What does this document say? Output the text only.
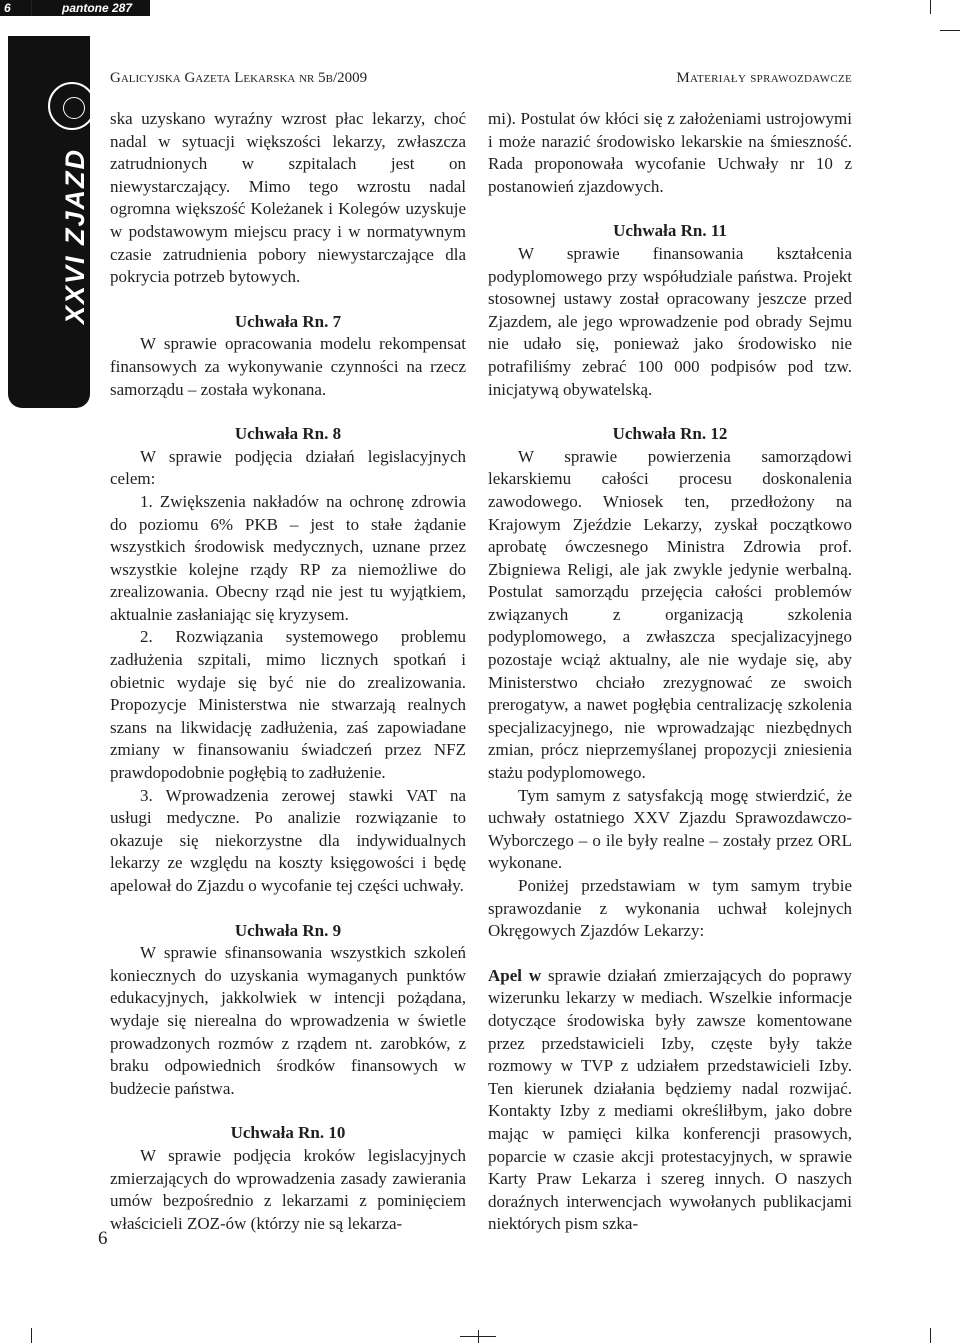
6	pantone 287
XXVI ZJAZD
Galicyjska Gazeta Lekarska nr 5b/2009	Materiały sprawozdawcze

ska uzyskano wyraźny wzrost płac lekarzy, choć nadal w sytuacji większości lekarzy, zwłaszcza zatrudnionych w szpitalach jest on niewystarczający. Mimo tego wzrostu nadal ogromna większość Koleżanek i Kolegów uzyskuje w podstawowym miejscu pracy i w normatywnym czasie zatrudnienia pobory niewystarczające dla pokrycia potrzeb bytowych.

Uchwała Rn. 7

W sprawie opracowania modelu rekompensat finansowych za wykonywanie czynności na rzecz samorządu – została wykonana.

Uchwała Rn. 8

W sprawie podjęcia działań legislacyjnych celem:

1. Zwiększenia nakładów na ochronę zdrowia do poziomu 6% PKB – jest to stałe żądanie wszystkich środowisk medycznych, uznane przez wszystkie kolejne rządy RP za niemożliwe do zrealizowania. Obecny rząd nie jest tu wyjątkiem, aktualnie zasłaniając się kryzysem.

2. Rozwiązania systemowego problemu zadłużenia szpitali, mimo licznych spotkań i obietnic wydaje się być nie do zrealizowania. Propozycje Ministerstwa nie stwarzają realnych szans na likwidację zadłużenia, zaś zapowiadane zmiany w finansowaniu świadczeń przez NFZ prawdopodobnie pogłębią to zadłużenie.

3. Wprowadzenia zerowej stawki VAT na usługi medyczne. Po analizie rozwiązanie to okazuje się niekorzystne dla indywidualnych lekarzy ze względu na koszty księgowości i będę apelował do Zjazdu o wycofanie tej części uchwały.

Uchwała Rn. 9

W sprawie sfinansowania wszystkich szkoleń koniecznych do uzyskania wymaganych punktów edukacyjnych, jakkolwiek w intencji pożądana, wydaje się nierealna do wprowadzenia w świetle prowadzonych rozmów z rządem nt. zarobków, z braku odpowiednich środków finansowych w budżecie państwa.

Uchwała Rn. 10

W sprawie podjęcia kroków legislacyjnych zmierzających do wprowadzenia zasady zawierania umów bezpośrednio z lekarzami z pominięciem właścicieli ZOZ-ów (którzy nie są lekarza-

mi). Postulat ów kłóci się z założeniami ustrojowymi i może narazić środowisko lekarskie na śmieszność. Rada proponowała wycofanie Uchwały nr 10 z postanowień zjazdowych.

Uchwała Rn. 11

W sprawie finansowania kształcenia podyplomowego przy współudziale państwa. Projekt stosownej ustawy został opracowany jeszcze przed Zjazdem, ale jego wprowadzenie pod obrady Sejmu nie udało się, ponieważ jako środowisko nie potrafiliśmy zebrać 100 000 podpisów pod tzw. inicjatywą obywatelską.

Uchwała Rn. 12

W sprawie powierzenia samorządowi lekarskiemu całości procesu doskonalenia zawodowego. Wniosek ten, przedłożony na Krajowym Zjeździe Lekarzy, zyskał początkowo aprobatę ówczesnego Ministra Zdrowia prof. Zbigniewa Religi, ale jak zwykle jedynie werbalną. Postulat samorządu przejęcia całości problemów związanych z organizacją szkolenia podyplomowego, a zwłaszcza specjalizacyjnego pozostaje wciąż aktualny, ale nie wydaje się, aby Ministerstwo chciało zrezygnować ze swoich prerogatyw, a nawet pogłębia centralizację szkolenia specjalizacyjnego, nie wprowadzając niezbędnych zmian, prócz nieprzemyślanej propozycji zniesienia stażu podyplomowego.

Tym samym z satysfakcją mogę stwierdzić, że uchwały ostatniego XXV Zjazdu Sprawozdawczo-Wyborczego – o ile były realne – zostały przez ORL wykonane.

Poniżej przedstawiam w tym samym trybie sprawozdanie z wykonania uchwał kolejnych Okręgowych Zjazdów Lekarzy:

Apel w sprawie działań zmierzających do poprawy wizerunku lekarzy w mediach. Wszelkie informacje dotyczące środowiska były zawsze komentowane przez przedstawicieli Izby, częste były także rozmowy w TVP z udziałem przedstawicieli Izby. Ten kierunek działania będziemy nadal rozwijać. Kontakty Izby z mediami określiłbym, jako dobre mając w pamięci kilka konferencji prasowych, poparcie w czasie akcji protestacyjnych, w sprawie Karty Praw Lekarza i szereg innych. O naszych doraźnych interwencjach wywołanych publikacjami niektórych pism szka-

6
